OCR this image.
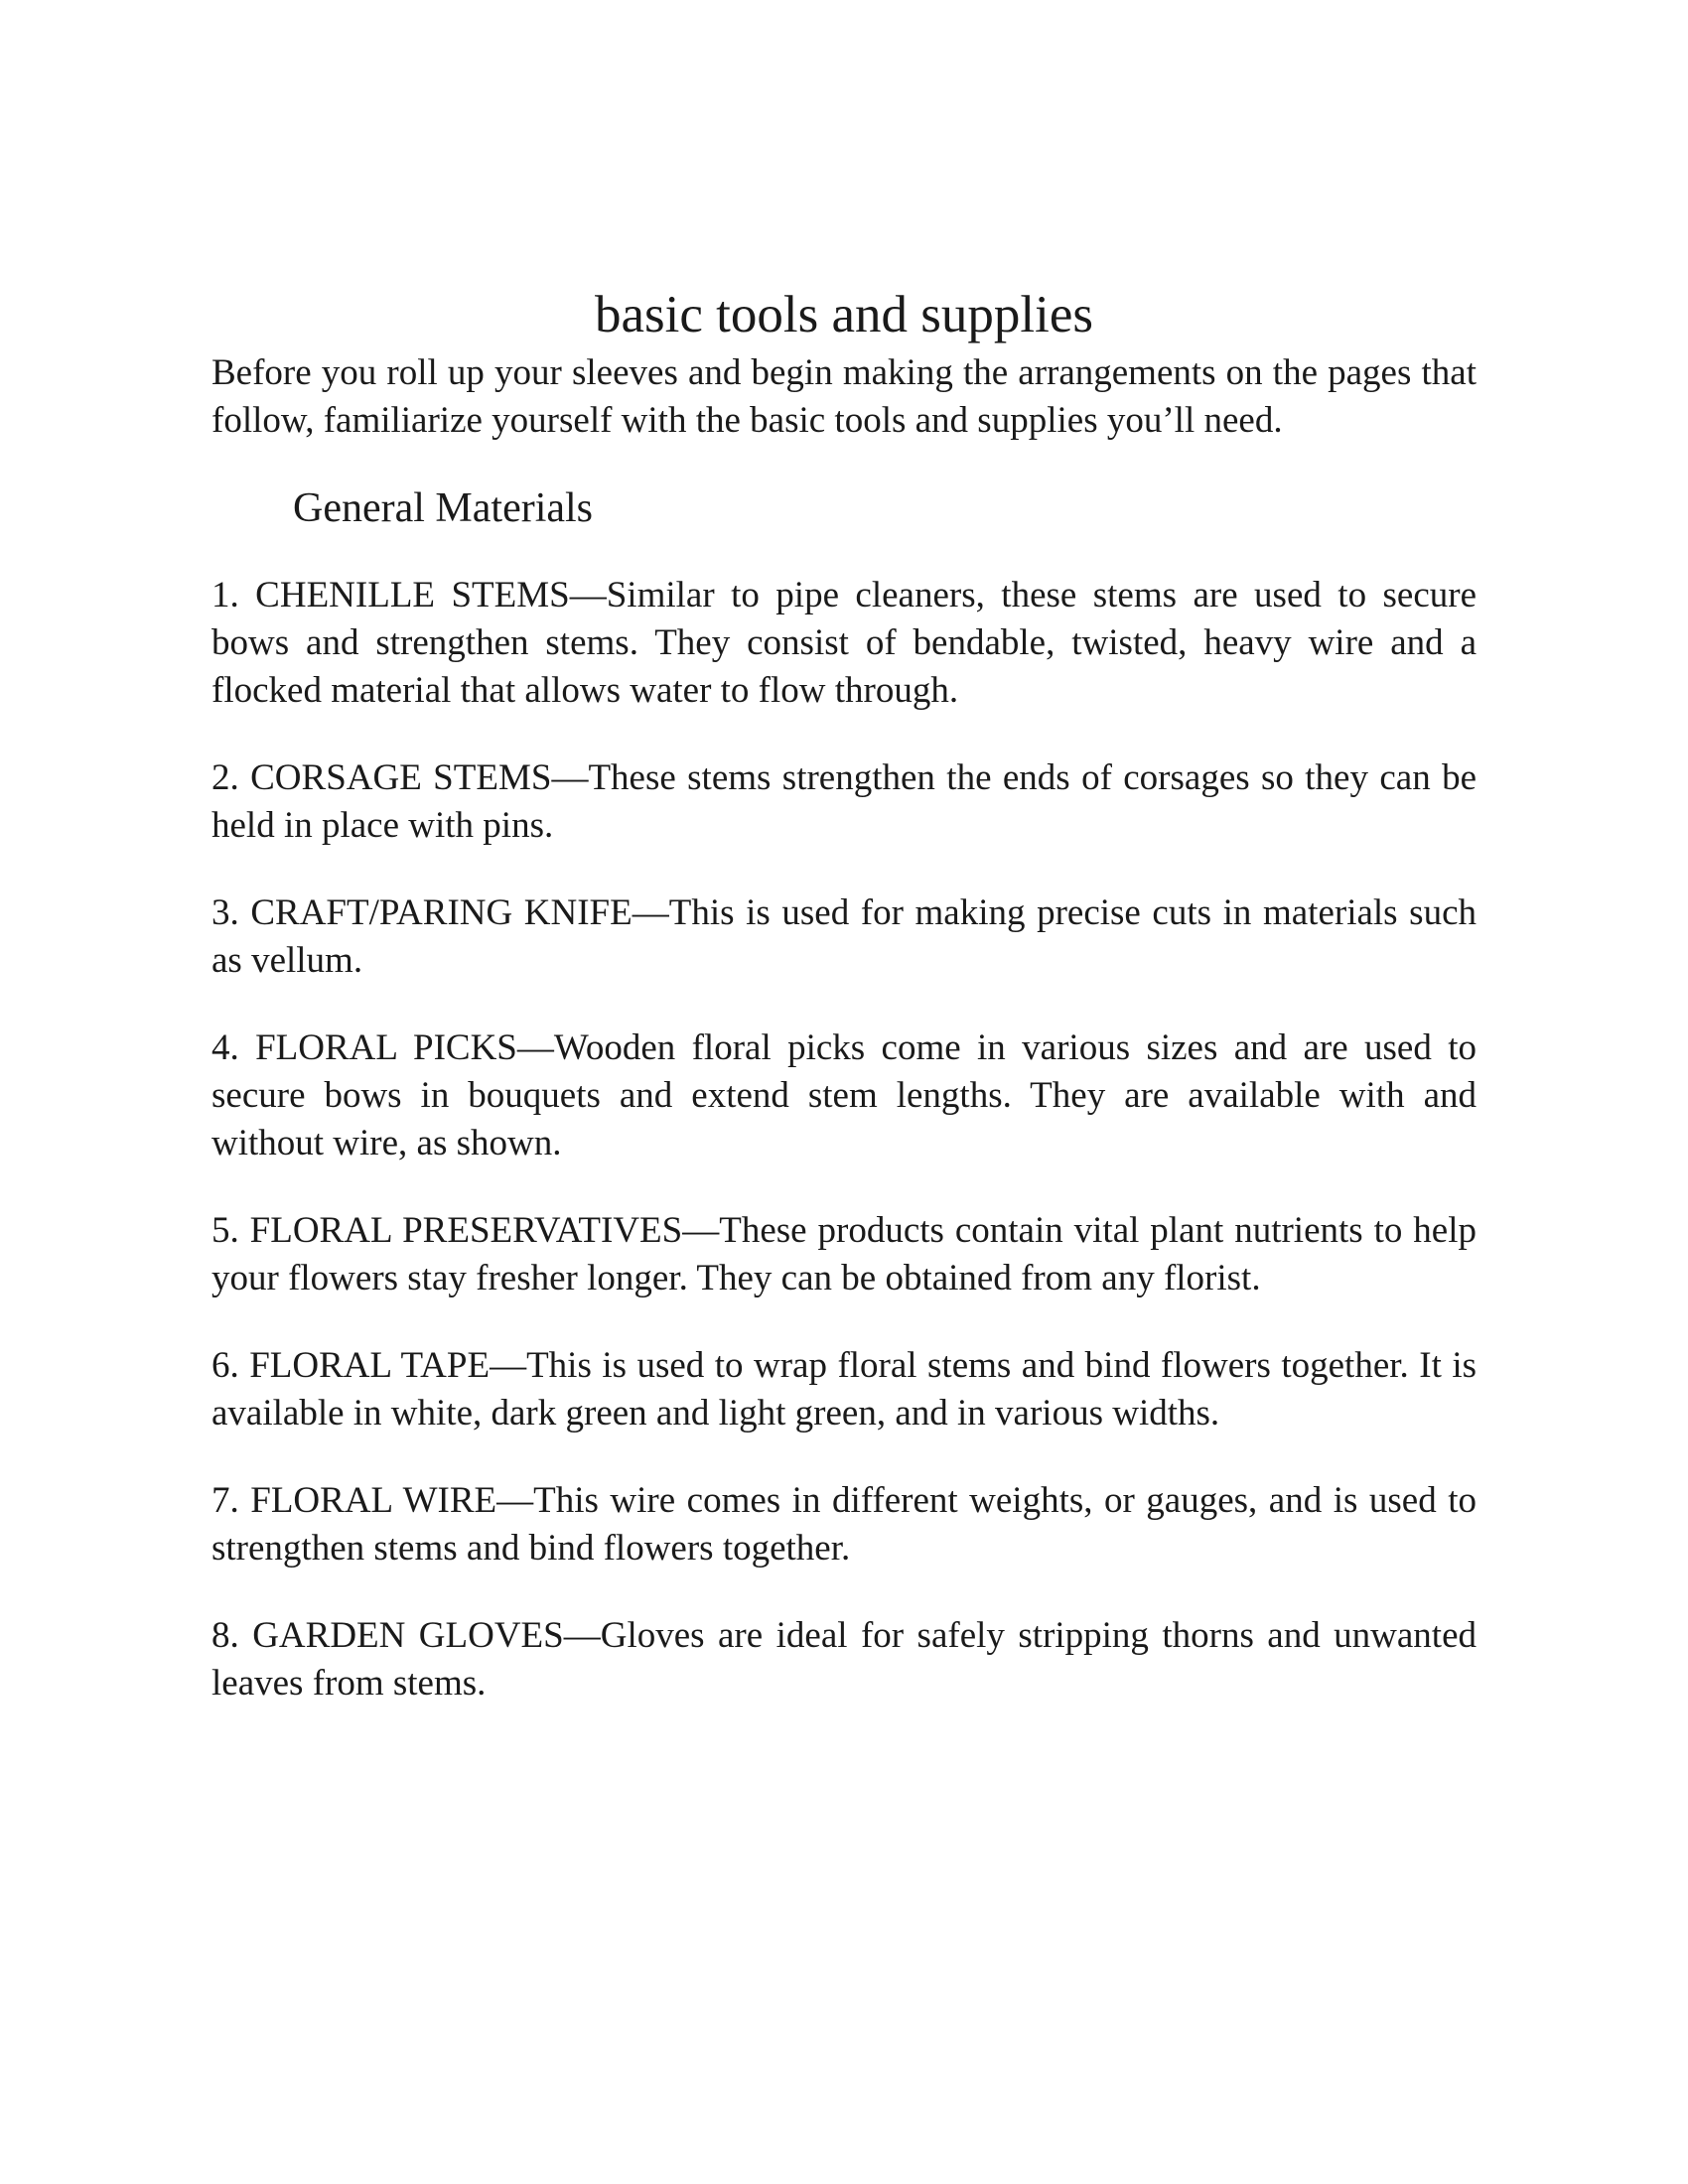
basic tools and supplies

Before you roll up your sleeves and begin making the arrangements on the pages that follow, familiarize yourself with the basic tools and supplies you’ll need.

General Materials

1. CHENILLE STEMS—Similar to pipe cleaners, these stems are used to secure bows and strengthen stems. They consist of bendable, twisted, heavy wire and a flocked material that allows water to flow through.

2. CORSAGE STEMS—These stems strengthen the ends of corsages so they can be held in place with pins.

3. CRAFT/PARING KNIFE—This is used for making precise cuts in materials such as vellum.

4. FLORAL PICKS—Wooden floral picks come in various sizes and are used to secure bows in bouquets and extend stem lengths. They are available with and without wire, as shown.

5. FLORAL PRESERVATIVES—These products contain vital plant nutrients to help your flowers stay fresher longer. They can be obtained from any florist.

6. FLORAL TAPE—This is used to wrap floral stems and bind flowers together. It is available in white, dark green and light green, and in various widths.

7. FLORAL WIRE—This wire comes in different weights, or gauges, and is used to strengthen stems and bind flowers together.

8. GARDEN GLOVES—Gloves are ideal for safely stripping thorns and unwanted leaves from stems.
